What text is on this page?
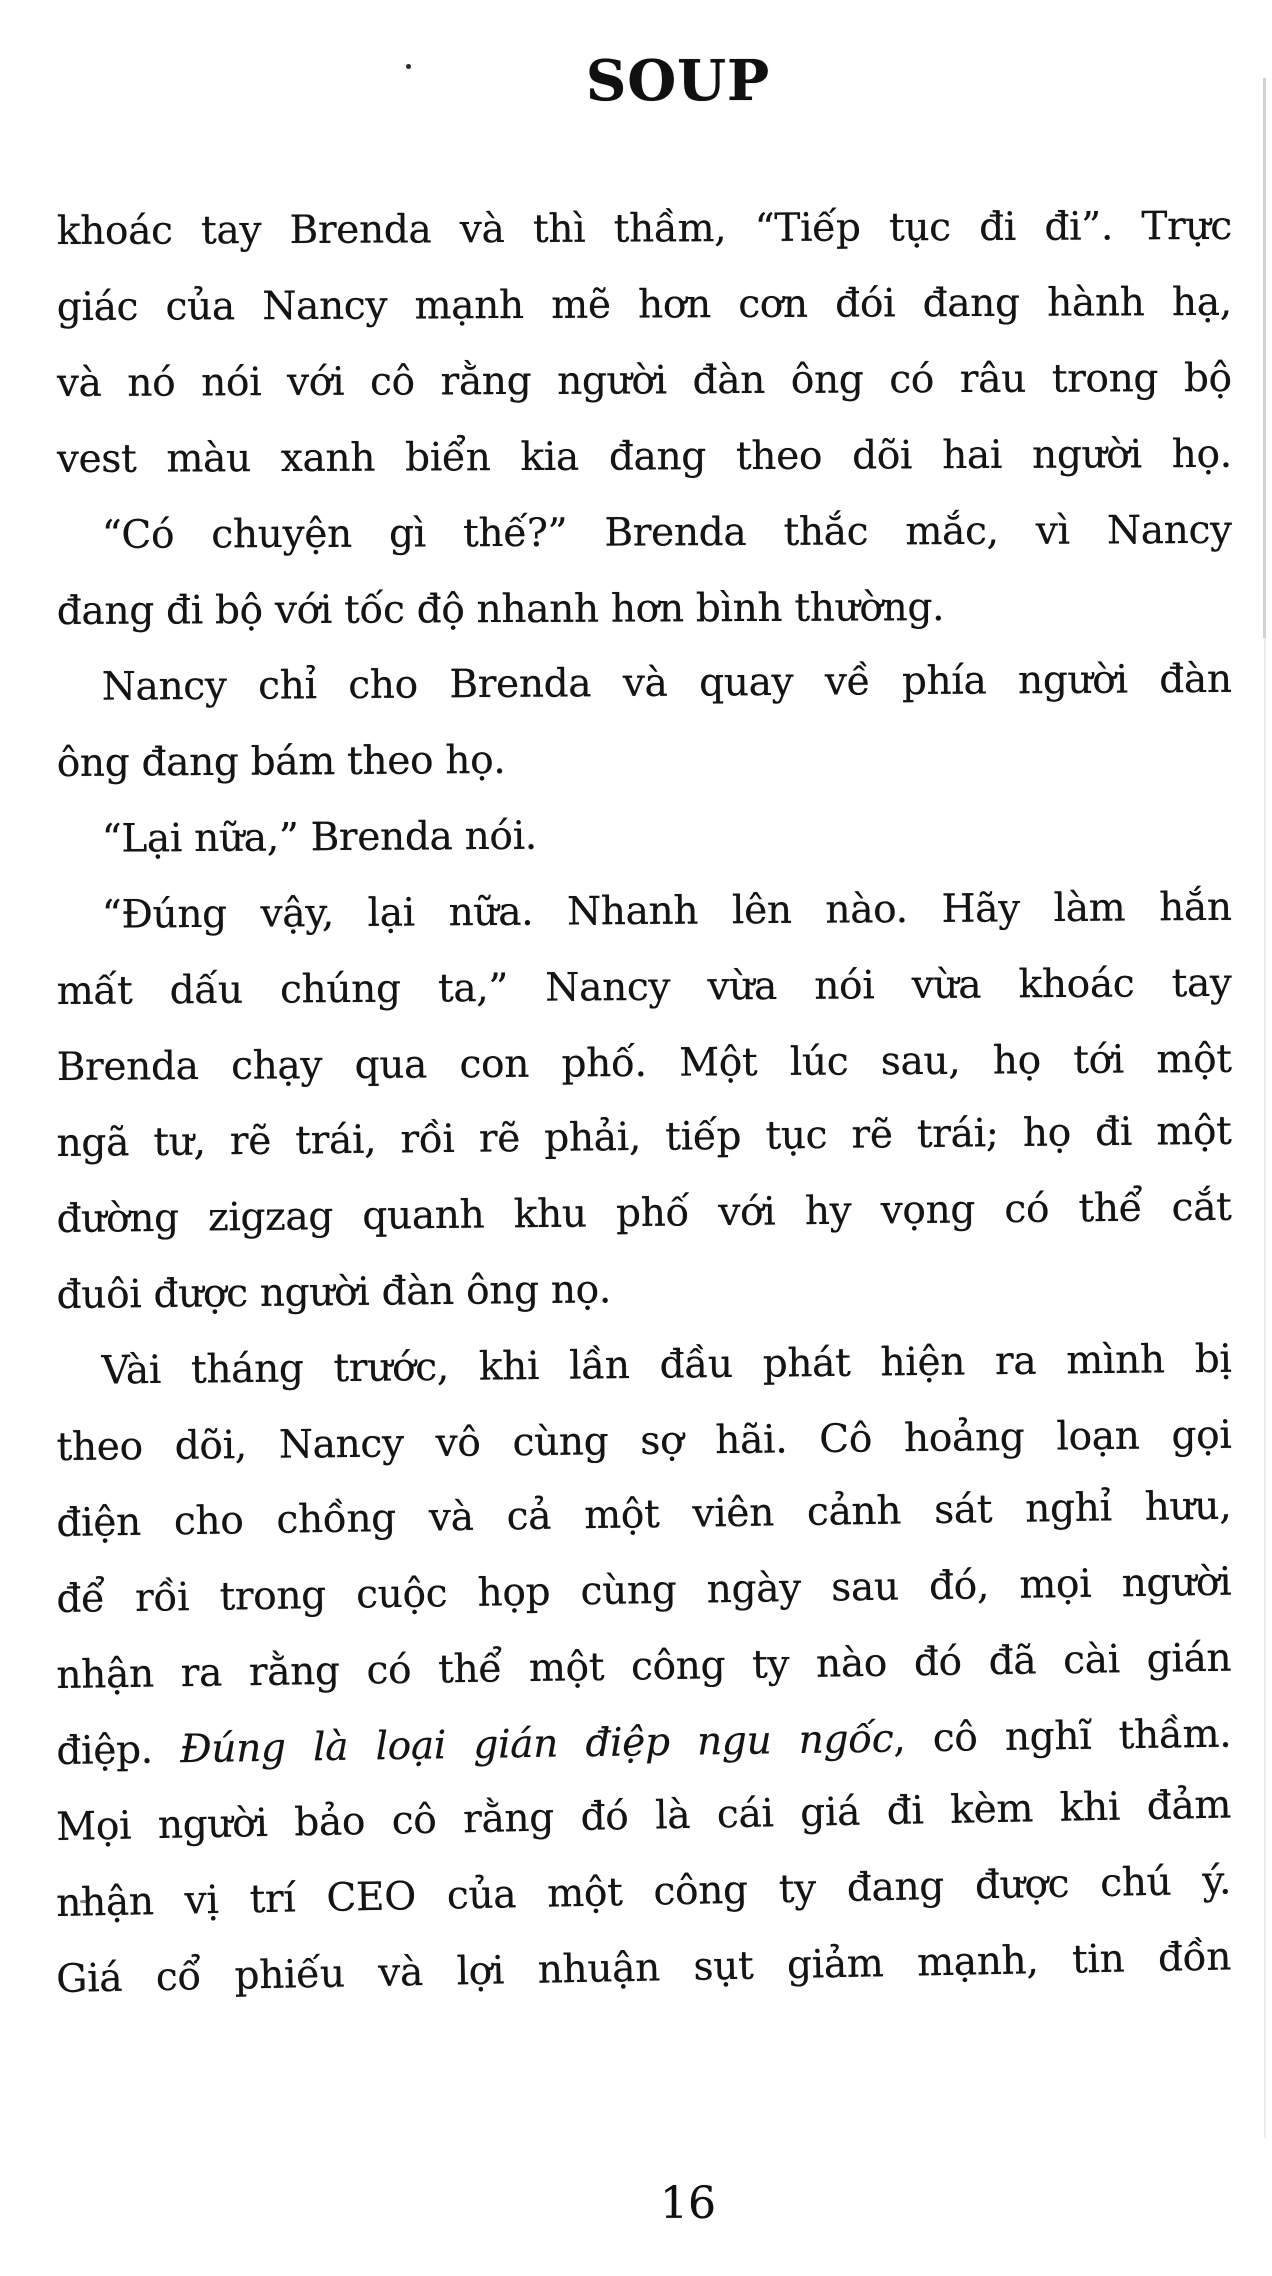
SOUP
khoác tay Brenda và thì thầm, “Tiếp tục đi đi”. Trực
giác của Nancy mạnh mẽ hơn cơn đói đang hành hạ,
và nó nói với cô rằng người đàn ông có râu trong bộ
vest màu xanh biển kia đang theo dõi hai người họ.
“Có chuyện gì thế?” Brenda thắc mắc, vì Nancy
đang đi bộ với tốc độ nhanh hơn bình thường.
Nancy chỉ cho Brenda và quay về phía người đàn
ông đang bám theo họ.
“Lại nữa,” Brenda nói.
“Đúng vậy, lại nữa. Nhanh lên nào. Hãy làm hắn
mất dấu chúng ta,” Nancy vừa nói vừa khoác tay
Brenda chạy qua con phố. Một lúc sau, họ tới một
ngã tư, rẽ trái, rồi rẽ phải, tiếp tục rẽ trái; họ đi một
đường zigzag quanh khu phố với hy vọng có thể cắt
đuôi được người đàn ông nọ.
Vài tháng trước, khi lần đầu phát hiện ra mình bị
theo dõi, Nancy vô cùng sợ hãi. Cô hoảng loạn gọi
điện cho chồng và cả một viên cảnh sát nghỉ hưu,
để rồi trong cuộc họp cùng ngày sau đó, mọi người
nhận ra rằng có thể một công ty nào đó đã cài gián
điệp. Đúng là loại gián điệp ngu ngốc, cô nghĩ thầm.
Mọi người bảo cô rằng đó là cái giá đi kèm khi đảm
nhận vị trí CEO của một công ty đang được chú ý.
Giá cổ phiếu và lợi nhuận sụt giảm mạnh, tin đồn
16
